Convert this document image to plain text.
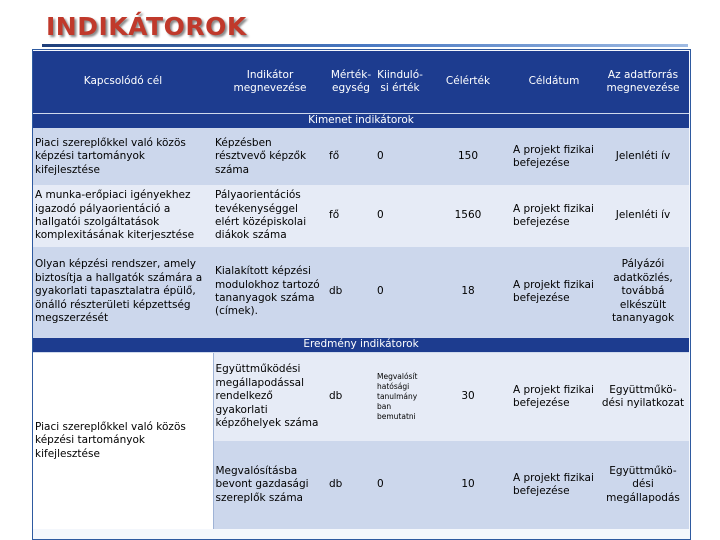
INDIKÁTOROK
Kapcsolódó cél	Indikátor megnevezése	Mértékegység	Kiindulósi érték	Célérték	Céldátum	Az adatforrás megnevezése
Kimenet indikátorok						
Piaci szereplőkkel való közös képzési tartományok kifejlesztése	Képzésben résztvevő képzők száma	fő	0	150	A projekt fizikai befejezése	Jelenléti ív
A munka-erőpiaci igényekhez igazodó pályaorientáció a hallgatói szolgáltatások komplexitásának kiterjesztése	Pályaorientációs tevékenységgel elért középiskolai diákok száma	fő	0	1560	A projekt fizikai befejezése	Jelenléti ív
Olyan képzési rendszer, amely biztosítja a hallgatók számára a gyakorlati tapasztalatra épülő, önálló részterületi képzettség megszerzését	Kialakított képzési modulokhoz tartozó tananyagok száma (címek).	db	0	18	A projekt fizikai befejezése	Pályázói adatközlés, továbbá elkészült tananyagok
Eredmény indikátorok						
Piaci szereplőkkel való közös képzési tartományok kifejlesztése	Együttműködési megállapodással rendelkező gyakorlati képzőhelyek száma	db	Megvalósít hatósági tanulmány ban bemutatni	30	A projekt fizikai befejezése	Együttműkö-dési nyilatkozat
	Megvalósításba bevont gazdasági szereplők száma	db	0	10	A projekt fizikai befejezése	Együttműkö-dési megállapodás
